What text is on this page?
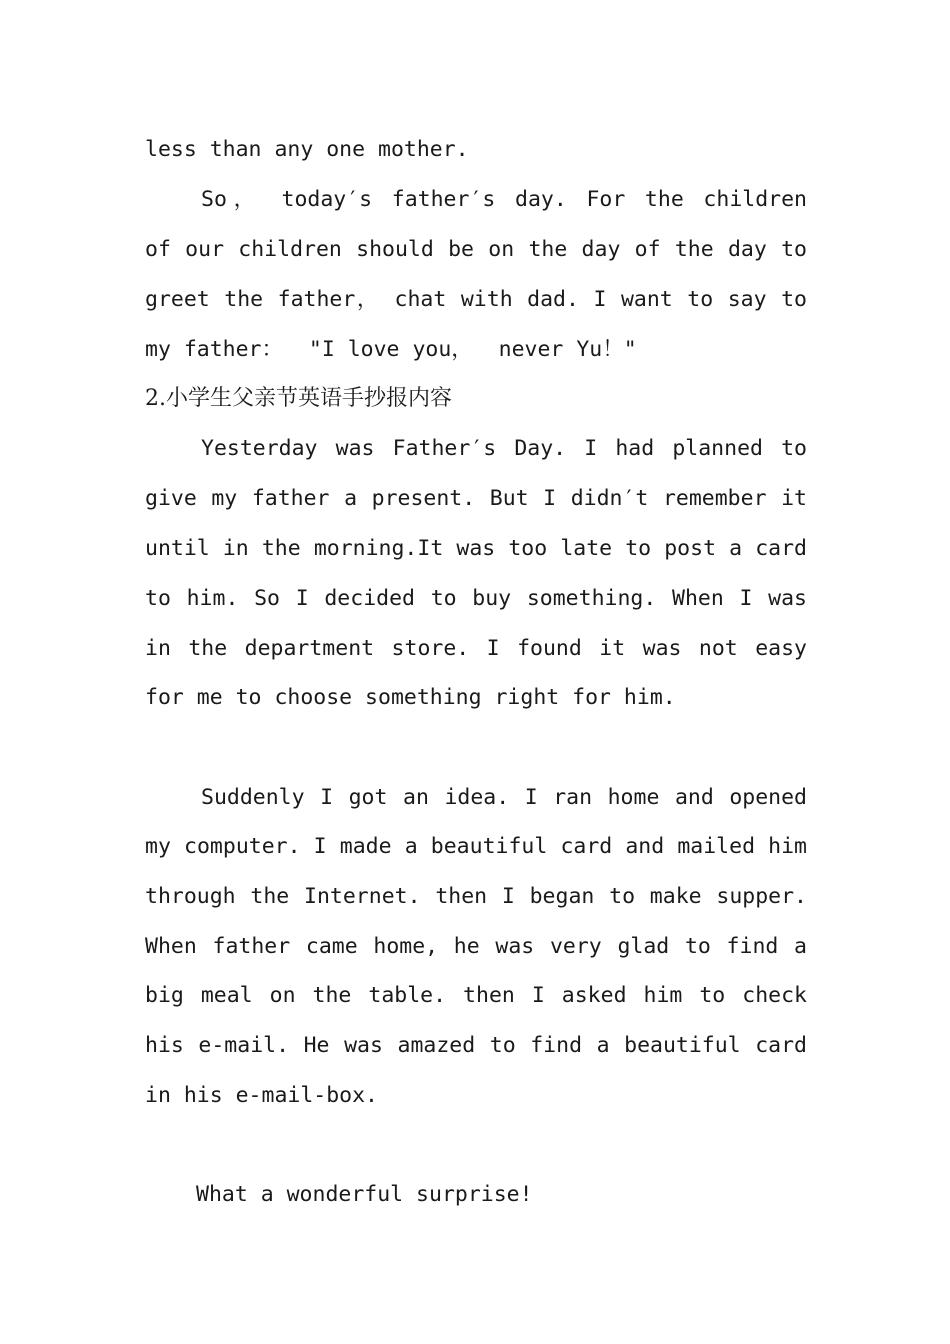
less than any one mother.
So， today′s father′s day. For the children
of our children should be on the day of the day to
greet the father， chat with dad. I want to say to
my father：  "I love you，  never Yu！"
2.小学生父亲节英语手抄报内容
Yesterday was Father′s Day. I had planned to
give my father a present. But I didn′t remember it
until in the morning.It was too late to post a card
to him. So I decided to buy something. When I was
in the department store. I found it was not easy
for me to choose something right for him.
Suddenly I got an idea. I ran home and opened
my computer. I made a beautiful card and mailed him
through the Internet. then I began to make supper.
When father came home, he was very glad to find a
big meal on the table. then I asked him to check
his e-mail. He was amazed to find a beautiful card
in his e-mail-box.
What a wonderful surprise!
